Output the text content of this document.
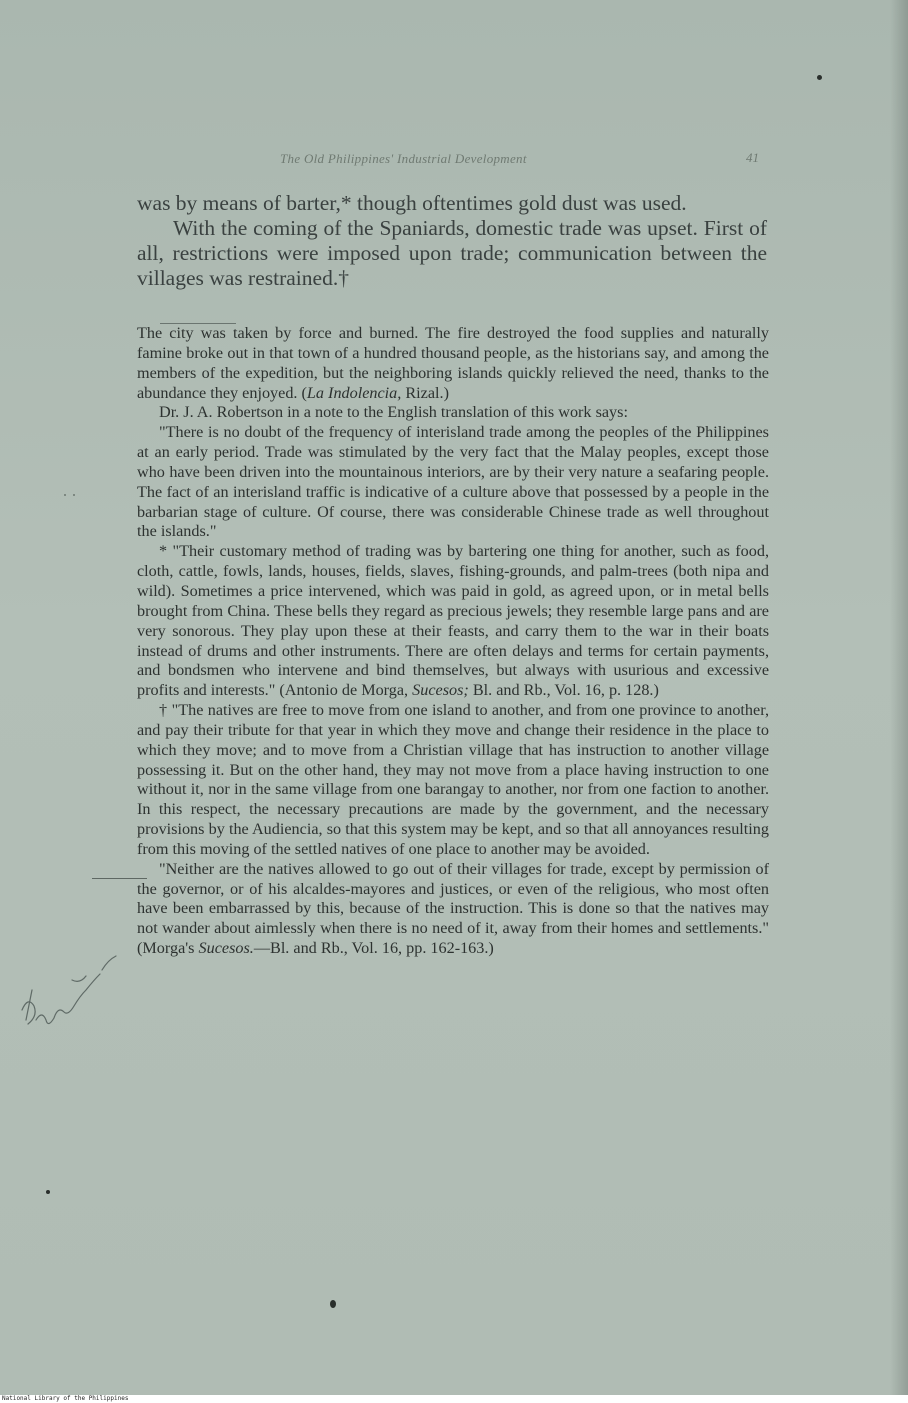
The Old Philippines' Industrial Development	41

was by means of barter,* though oftentimes gold dust was used.

With the coming of the Spaniards, domestic trade was upset. First of all, restrictions were imposed upon trade; communication between the villages was restrained.†

The city was taken by force and burned. The fire destroyed the food supplies and naturally famine broke out in that town of a hundred thousand people, as the historians say, and among the members of the expedition, but the neighboring islands quickly relieved the need, thanks to the abundance they enjoyed. (La Indolencia, Rizal.)

Dr. J. A. Robertson in a note to the English translation of this work says:

"There is no doubt of the frequency of interisland trade among the peoples of the Philippines at an early period. Trade was stimulated by the very fact that the Malay peoples, except those who have been driven into the mountainous interiors, are by their very nature a seafaring people. The fact of an interisland traffic is indicative of a culture above that possessed by a people in the barbarian stage of culture. Of course, there was considerable Chinese trade as well throughout the islands."

* "Their customary method of trading was by bartering one thing for another, such as food, cloth, cattle, fowls, lands, houses, fields, slaves, fishing-grounds, and palm-trees (both nipa and wild). Sometimes a price intervened, which was paid in gold, as agreed upon, or in metal bells brought from China. These bells they regard as precious jewels; they resemble large pans and are very sonorous. They play upon these at their feasts, and carry them to the war in their boats instead of drums and other instruments. There are often delays and terms for certain payments, and bondsmen who intervene and bind themselves, but always with usurious and excessive profits and interests." (Antonio de Morga, Sucesos; Bl. and Rb., Vol. 16, p. 128.)

† "The natives are free to move from one island to another, and from one province to another, and pay their tribute for that year in which they move and change their residence in the place to which they move; and to move from a Christian village that has instruction to another village possessing it. But on the other hand, they may not move from a place having instruction to one without it, nor in the same village from one barangay to another, nor from one faction to another. In this respect, the necessary precautions are made by the government, and the necessary provisions by the Audiencia, so that this system may be kept, and so that all annoyances resulting from this moving of the settled natives of one place to another may be avoided.

"Neither are the natives allowed to go out of their villages for trade, except by permission of the governor, or of his alcaldes-mayores and justices, or even of the religious, who most often have been embarrassed by this, because of the instruction. This is done so that the natives may not wander about aimlessly when there is no need of it, away from their homes and settlements." (Morga's Sucesos.—Bl. and Rb., Vol. 16, pp. 162-163.)

National Library of the Philippines
